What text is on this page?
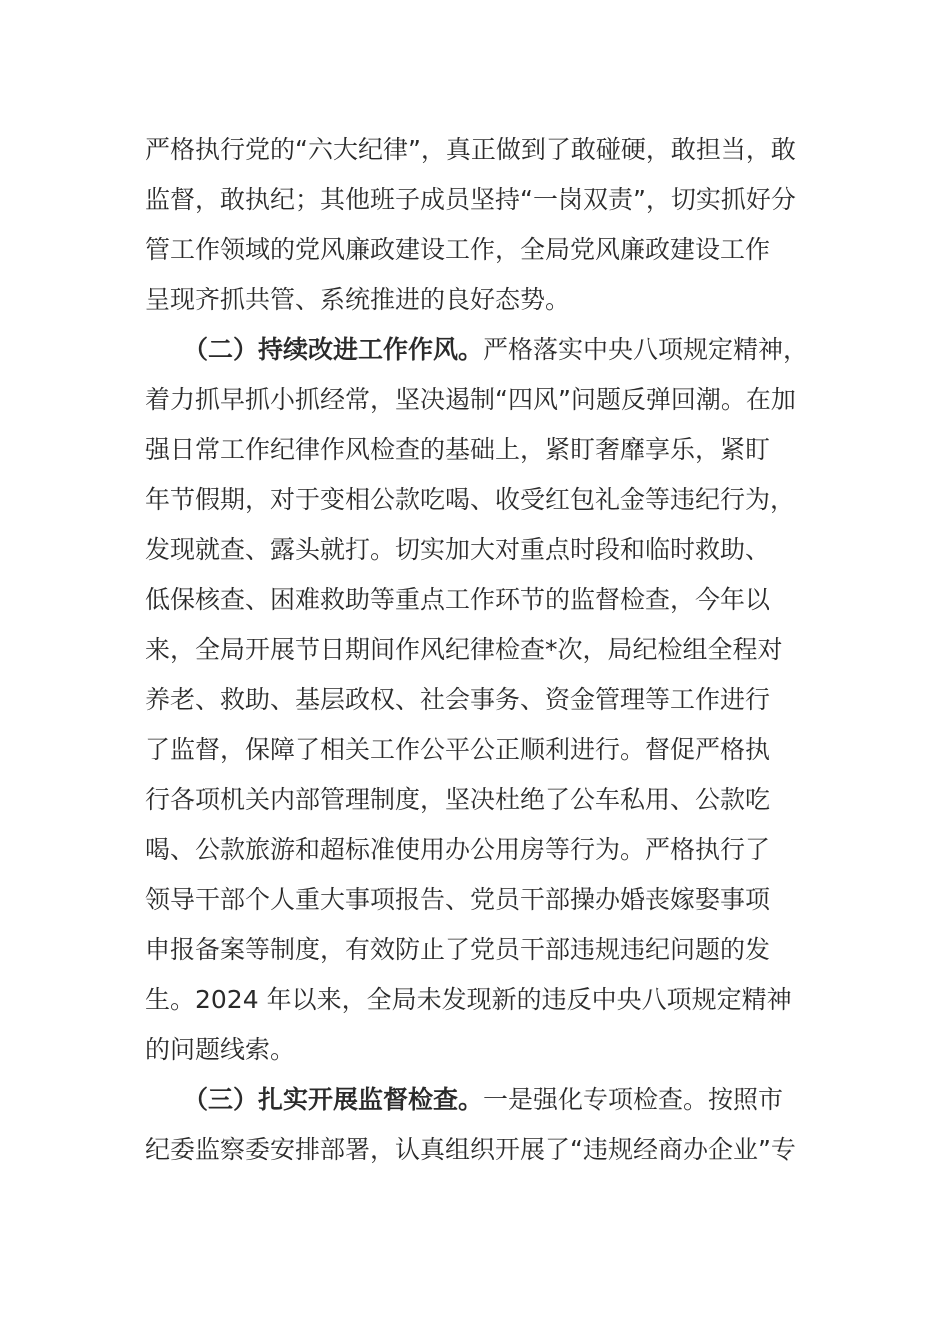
严格执行党的“六大纪律”，真正做到了敢碰硬，敢担当，敢
监督，敢执纪；其他班子成员坚持“一岗双责”，切实抓好分
管工作领域的党风廉政建设工作，全局党风廉政建设工作
呈现齐抓共管、系统推进的良好态势。
（二）持续改进工作作风。严格落实中央八项规定精神，
着力抓早抓小抓经常，坚决遏制“四风”问题反弹回潮。在加
强日常工作纪律作风检查的基础上，紧盯奢靡享乐，紧盯
年节假期，对于变相公款吃喝、收受红包礼金等违纪行为，
发现就查、露头就打。切实加大对重点时段和临时救助、
低保核查、困难救助等重点工作环节的监督检查，今年以
来，全局开展节日期间作风纪律检查*次，局纪检组全程对
养老、救助、基层政权、社会事务、资金管理等工作进行
了监督，保障了相关工作公平公正顺利进行。督促严格执
行各项机关内部管理制度，坚决杜绝了公车私用、公款吃
喝、公款旅游和超标准使用办公用房等行为。严格执行了
领导干部个人重大事项报告、党员干部操办婚丧嫁娶事项
申报备案等制度，有效防止了党员干部违规违纪问题的发
生。2024 年以来，全局未发现新的违反中央八项规定精神
的问题线索。
（三）扎实开展监督检查。一是强化专项检查。按照市
纪委监察委安排部署，认真组织开展了“违规经商办企业”专
